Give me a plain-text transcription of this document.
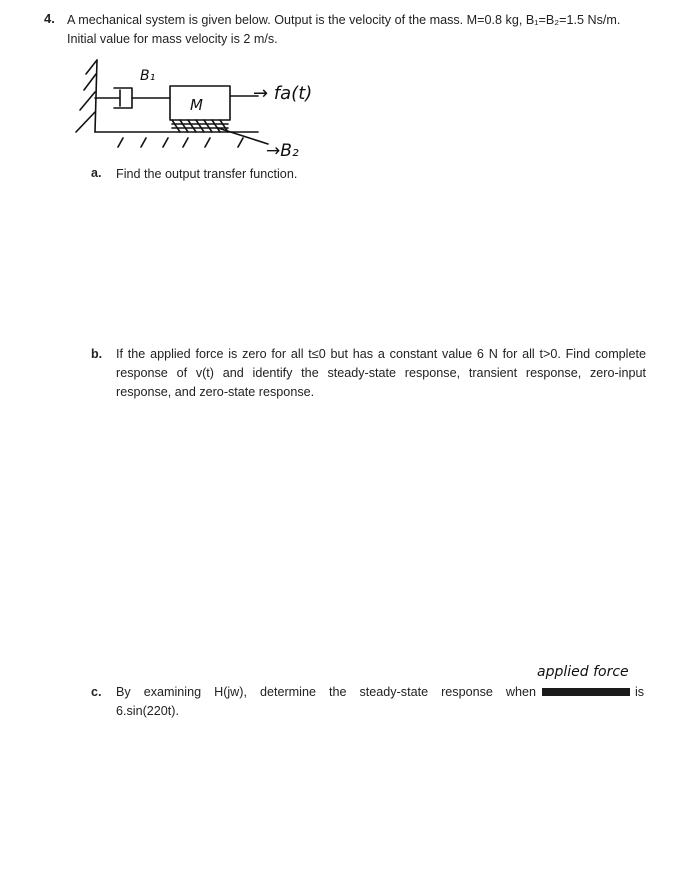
4. A mechanical system is given below. Output is the velocity of the mass. M=0.8 kg, B₁=B₂=1.5 Ns/m.
Initial value for mass velocity is 2 m/s.
B₁
M
→ fa(t)
→B₂
a. Find the output transfer function.
b. If the applied force is zero for all t≤0 but has a constant value 6 N for all t>0. Find complete
response of v(t) and identify the steady-state response, transient response, zero-input
response, and zero-state response.
c. By examining H(jw), determine the steady-state response when	is
6.sin(220t).
applied force
